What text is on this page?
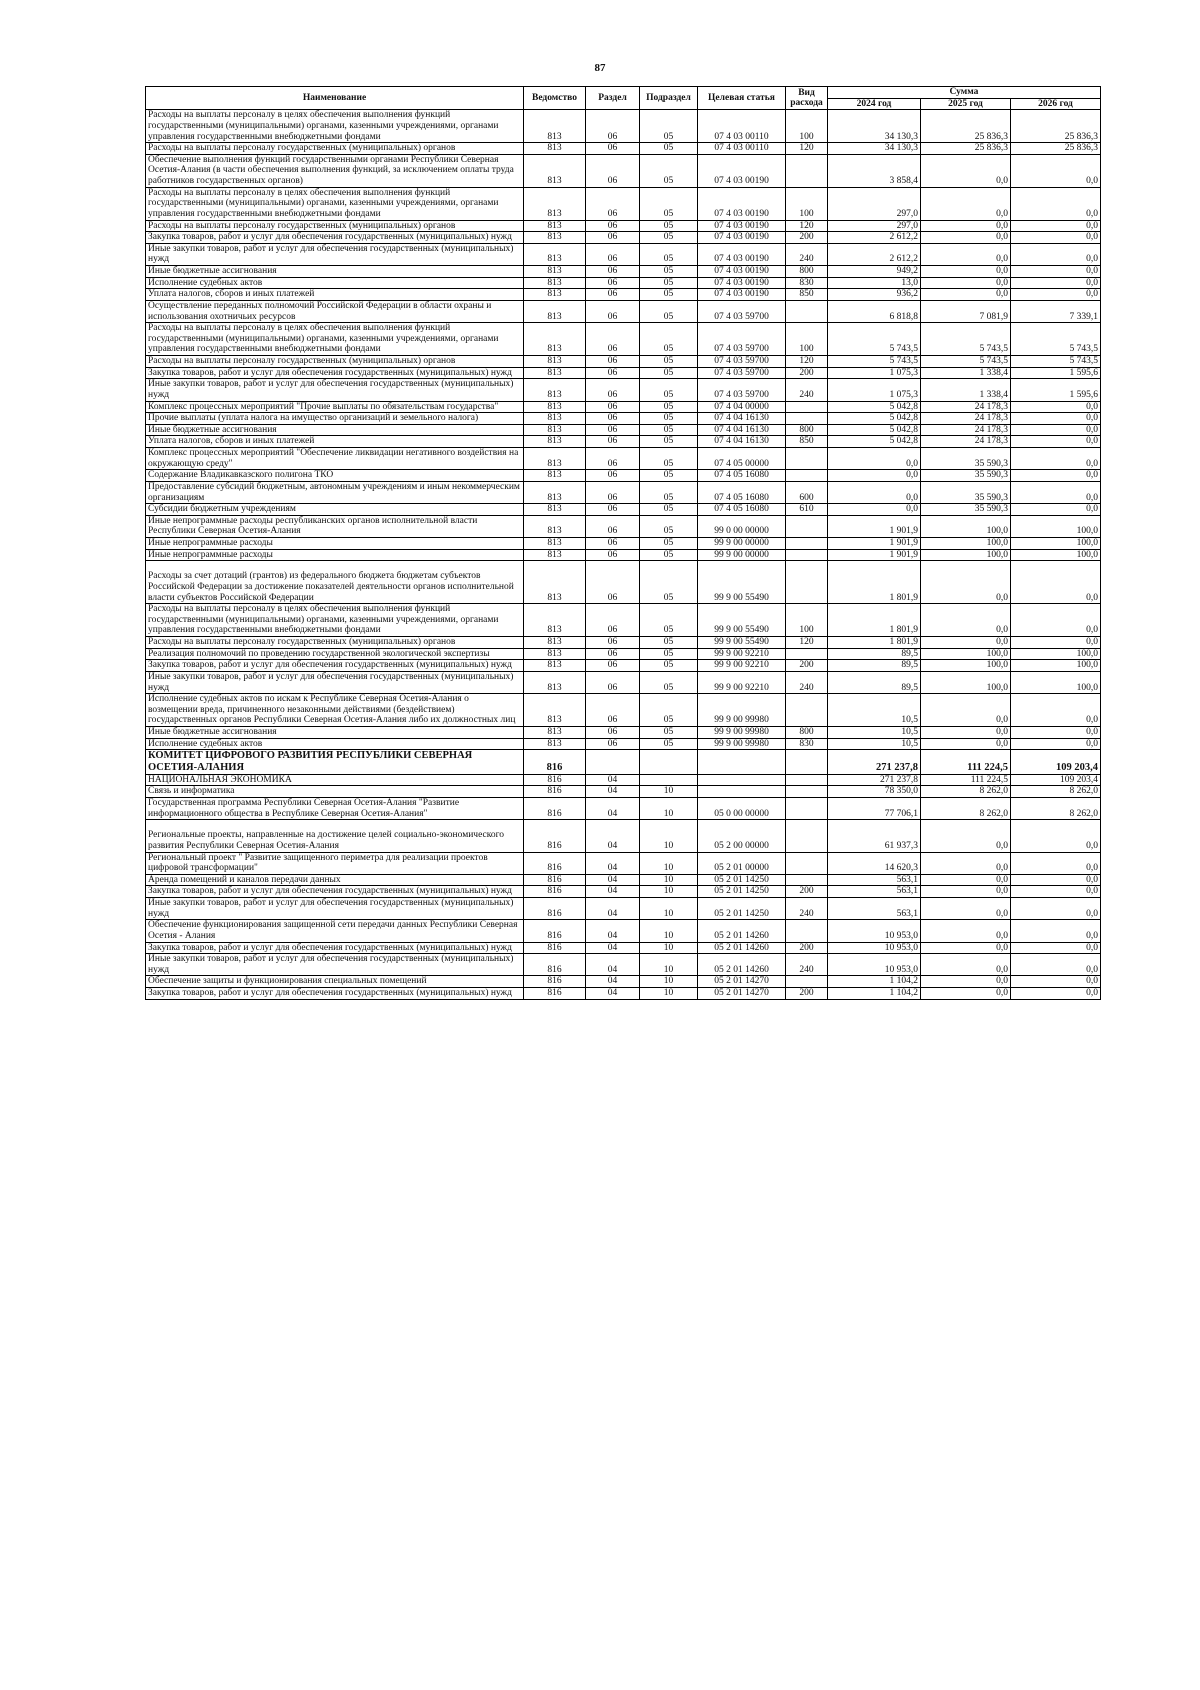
87
Наименование	Ведомство	Раздел	Подраздел	Целевая статья	Вид расхода	Сумма		
						2024 год	2025 год	2026 год
Расходы на выплаты персоналу в целях обеспечения выполнения функций государственными (муниципальными) органами, казенными учреждениями, органами управления государственными внебюджетными фондами	813	06	05	07 4 03 00110	100	34 130,3	25 836,3	25 836,3
Расходы на выплаты персоналу государственных (муниципальных) органов	813	06	05	07 4 03 00110	120	34 130,3	25 836,3	25 836,3
Обеспечение выполнения функций государственными органами Республики Северная Осетия-Алания (в части обеспечения выполнения функций, за исключением оплаты труда работников государственных органов)	813	06	05	07 4 03 00190		3 858,4	0,0	0,0
Расходы на выплаты персоналу в целях обеспечения выполнения функций государственными (муниципальными) органами, казенными учреждениями, органами управления государственными внебюджетными фондами	813	06	05	07 4 03 00190	100	297,0	0,0	0,0
Расходы на выплаты персоналу государственных (муниципальных) органов	813	06	05	07 4 03 00190	120	297,0	0,0	0,0
Закупка товаров, работ и услуг для обеспечения государственных (муниципальных) нужд	813	06	05	07 4 03 00190	200	2 612,2	0,0	0,0
Иные закупки товаров, работ и услуг для обеспечения государственных (муниципальных) нужд	813	06	05	07 4 03 00190	240	2 612,2	0,0	0,0
Иные бюджетные ассигнования	813	06	05	07 4 03 00190	800	949,2	0,0	0,0
Исполнение судебных актов	813	06	05	07 4 03 00190	830	13,0	0,0	0,0
Уплата налогов, сборов и иных платежей	813	06	05	07 4 03 00190	850	936,2	0,0	0,0
Осуществление переданных полномочий Российской Федерации в области охраны и использования охотничьих ресурсов	813	06	05	07 4 03 59700		6 818,8	7 081,9	7 339,1
Расходы на выплаты персоналу в целях обеспечения выполнения функций государственными (муниципальными) органами, казенными учреждениями, органами управления государственными внебюджетными фондами	813	06	05	07 4 03 59700	100	5 743,5	5 743,5	5 743,5
Расходы на выплаты персоналу государственных (муниципальных) органов	813	06	05	07 4 03 59700	120	5 743,5	5 743,5	5 743,5
Закупка товаров, работ и услуг для обеспечения государственных (муниципальных) нужд	813	06	05	07 4 03 59700	200	1 075,3	1 338,4	1 595,6
Иные закупки товаров, работ и услуг для обеспечения государственных (муниципальных) нужд	813	06	05	07 4 03 59700	240	1 075,3	1 338,4	1 595,6
Комплекс процессных мероприятий "Прочие выплаты по обязательствам государства"	813	06	05	07 4 04 00000		5 042,8	24 178,3	0,0
Прочие выплаты (уплата налога на имущество организаций и земельного налога)	813	06	05	07 4 04 16130		5 042,8	24 178,3	0,0
Иные бюджетные ассигнования	813	06	05	07 4 04 16130	800	5 042,8	24 178,3	0,0
Уплата налогов, сборов и иных платежей	813	06	05	07 4 04 16130	850	5 042,8	24 178,3	0,0
Комплекс процессных мероприятий "Обеспечение ликвидации негативного воздействия на окружающую среду"	813	06	05	07 4 05 00000		0,0	35 590,3	0,0
Содержание Владикавказского полигона ТКО	813	06	05	07 4 05 16080		0,0	35 590,3	0,0
Предоставление субсидий бюджетным, автономным учреждениям и иным некоммерческим организациям	813	06	05	07 4 05 16080	600	0,0	35 590,3	0,0
Субсидии бюджетным учреждениям	813	06	05	07 4 05 16080	610	0,0	35 590,3	0,0
Иные непрограммные расходы республиканских органов исполнительной власти Республики Северная Осетия-Алания	813	06	05	99 0 00 00000		1 901,9	100,0	100,0
Иные непрограммные расходы	813	06	05	99 9 00 00000		1 901,9	100,0	100,0
Иные непрограммные расходы	813	06	05	99 9 00 00000		1 901,9	100,0	100,0
Расходы за счет дотаций (грантов) из федерального бюджета бюджетам субъектов Российской Федерации за достижение показателей деятельности органов исполнительной власти субъектов Российской Федерации	813	06	05	99 9 00 55490		1 801,9	0,0	0,0
Расходы на выплаты персоналу в целях обеспечения выполнения функций государственными (муниципальными) органами, казенными учреждениями, органами управления государственными внебюджетными фондами	813	06	05	99 9 00 55490	100	1 801,9	0,0	0,0
Расходы на выплаты персоналу государственных (муниципальных) органов	813	06	05	99 9 00 55490	120	1 801,9	0,0	0,0
Реализация полномочий по проведению государственной экологической экспертизы	813	06	05	99 9 00 92210		89,5	100,0	100,0
Закупка товаров, работ и услуг для обеспечения государственных (муниципальных) нужд	813	06	05	99 9 00 92210	200	89,5	100,0	100,0
Иные закупки товаров, работ и услуг для обеспечения государственных (муниципальных) нужд	813	06	05	99 9 00 92210	240	89,5	100,0	100,0
Исполнение судебных актов по искам к Республике Северная Осетия-Алания о возмещении вреда, причиненного незаконными действиями (бездействием) государственных органов Республики Северная Осетия-Алания либо их должностных лиц	813	06	05	99 9 00 99980		10,5	0,0	0,0
Иные бюджетные ассигнования	813	06	05	99 9 00 99980	800	10,5	0,0	0,0
Исполнение судебных актов	813	06	05	99 9 00 99980	830	10,5	0,0	0,0
КОМИТЕТ ЦИФРОВОГО РАЗВИТИЯ РЕСПУБЛИКИ СЕВЕРНАЯ ОСЕТИЯ-АЛАНИЯ	816					271 237,8	111 224,5	109 203,4
НАЦИОНАЛЬНАЯ ЭКОНОМИКА	816	04				271 237,8	111 224,5	109 203,4
Связь и информатика	816	04	10			78 350,0	8 262,0	8 262,0
Государственная программа Республики Северная Осетия-Алания "Развитие информационного общества в Республике Северная Осетия-Алания"	816	04	10	05 0 00 00000		77 706,1	8 262,0	8 262,0
Региональные проекты, направленные на достижение целей социально-экономического развития Республики Северная Осетия-Алания	816	04	10	05 2 00 00000		61 937,3	0,0	0,0
Региональный проект " Развитие защищенного периметра для реализации проектов цифровой трансформации"	816	04	10	05 2 01 00000		14 620,3	0,0	0,0
Аренда помещений и каналов передачи данных	816	04	10	05 2 01 14250		563,1	0,0	0,0
Закупка товаров, работ и услуг для обеспечения государственных (муниципальных) нужд	816	04	10	05 2 01 14250	200	563,1	0,0	0,0
Иные закупки товаров, работ и услуг для обеспечения государственных (муниципальных) нужд	816	04	10	05 2 01 14250	240	563,1	0,0	0,0
Обеспечение функционирования защищенной сети передачи данных Республики Северная Осетия - Алания	816	04	10	05 2 01 14260		10 953,0	0,0	0,0
Закупка товаров, работ и услуг для обеспечения государственных (муниципальных) нужд	816	04	10	05 2 01 14260	200	10 953,0	0,0	0,0
Иные закупки товаров, работ и услуг для обеспечения государственных (муниципальных) нужд	816	04	10	05 2 01 14260	240	10 953,0	0,0	0,0
Обеспечение защиты и функционирования специальных помещений	816	04	10	05 2 01 14270		1 104,2	0,0	0,0
Закупка товаров, работ и услуг для обеспечения государственных (муниципальных) нужд	816	04	10	05 2 01 14270	200	1 104,2	0,0	0,0
